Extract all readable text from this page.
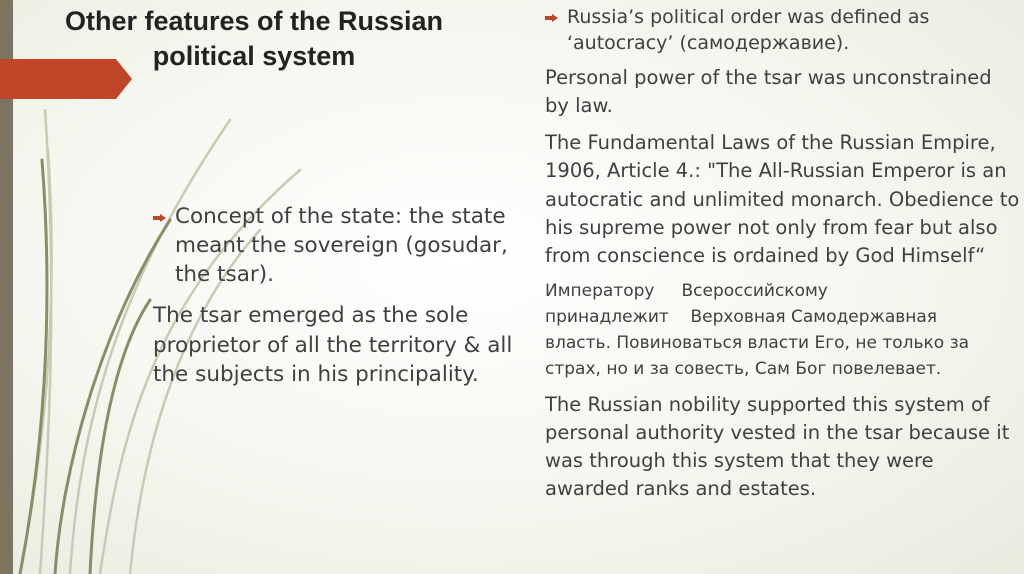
Other features of the Russian
political system

Concept of the state: the state meant the sovereign (gosudar, the tsar).

The tsar emerged as the sole proprietor of all the territory & all the subjects in his principality.

Russia’s political order was defined as
‘autocracy’ (самодержавие).

Personal power of the tsar was unconstrained by law.

The Fundamental Laws of the Russian Empire, 1906, Article 4.: "The All-Russian Emperor is an autocratic and unlimited monarch. Obedience to his supreme power not only from fear but also from conscience is ordained by God Himself“

Императору     Всероссийскому
принадлежит    Верховная Самодержавная
власть. Повиноваться власти Его, не только за страх, но и за совесть, Сам Бог повелевает.

The Russian nobility supported this system of personal authority vested in the tsar because it was through this system that they were awarded ranks and estates.
